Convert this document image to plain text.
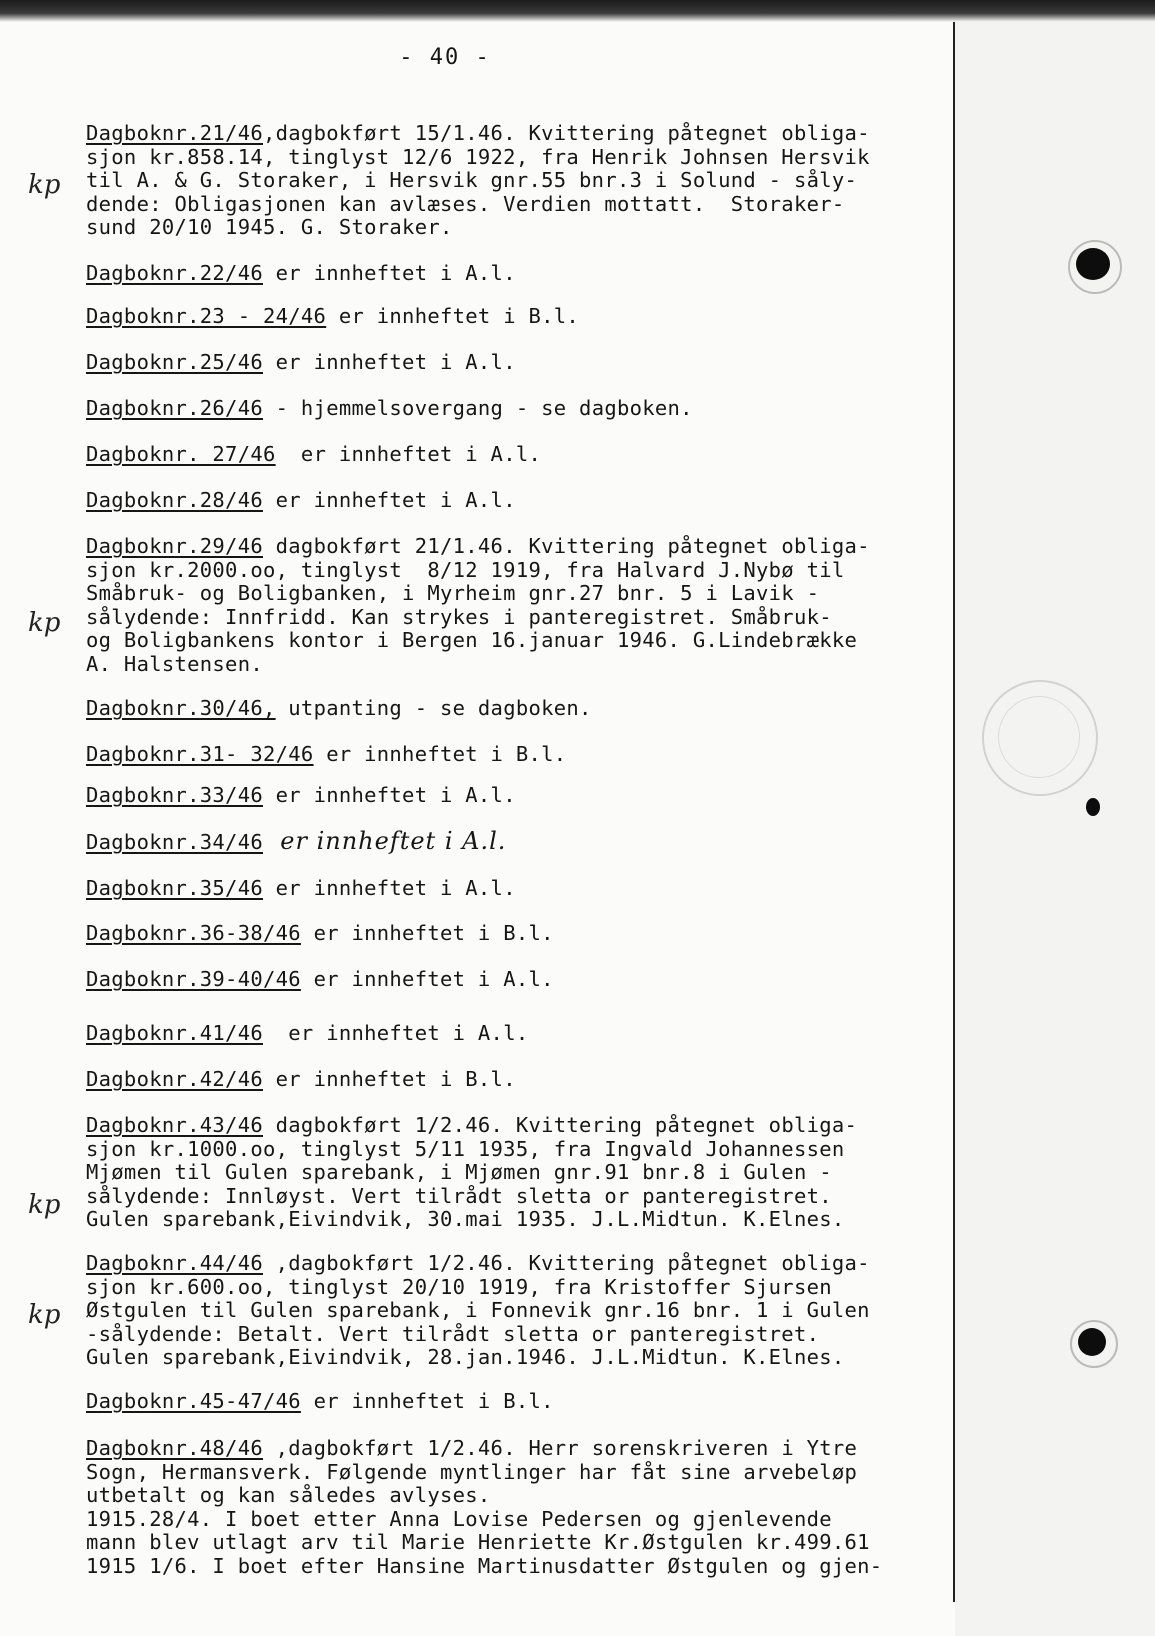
- 40 -
Dagboknr.21/46,dagbokført 15/1.46. Kvittering påtegnet obliga-
sjon kr.858.14, tinglyst 12/6 1922, fra Henrik Johnsen Hersvik
til A. & G. Storaker, i Hersvik gnr.55 bnr.3 i Solund - såly-
dende: Obligasjonen kan avlæses. Verdien mottatt.  Storaker-
sund 20/10 1945. G. Storaker.
Dagboknr.22/46 er innheftet i A.l.
Dagboknr.23 - 24/46 er innheftet i B.l.
Dagboknr.25/46 er innheftet i A.l.
Dagboknr.26/46 - hjemmelsovergang - se dagboken.
Dagboknr. 27/46  er innheftet i A.l.
Dagboknr.28/46 er innheftet i A.l.
Dagboknr.29/46 dagbokført 21/1.46. Kvittering påtegnet obliga-
sjon kr.2000.oo, tinglyst  8/12 1919, fra Halvard J.Nybø til
Småbruk- og Boligbanken, i Myrheim gnr.27 bnr. 5 i Lavik -
sålydende: Innfridd. Kan strykes i panteregistret. Småbruk-
og Boligbankens kontor i Bergen 16.januar 1946. G.Lindebrække
A. Halstensen.
Dagboknr.30/46, utpanting - se dagboken.
Dagboknr.31- 32/46 er innheftet i B.l.
Dagboknr.33/46 er innheftet i A.l.
Dagboknr.34/46  er innheftet i A.l.
Dagboknr.35/46 er innheftet i A.l.
Dagboknr.36-38/46 er innheftet i B.l.
Dagboknr.39-40/46 er innheftet i A.l.
Dagboknr.41/46  er innheftet i A.l.
Dagboknr.42/46 er innheftet i B.l.
Dagboknr.43/46 dagbokført 1/2.46. Kvittering påtegnet obliga-
sjon kr.1000.oo, tinglyst 5/11 1935, fra Ingvald Johannessen
Mjømen til Gulen sparebank, i Mjømen gnr.91 bnr.8 i Gulen -
sålydende: Innløyst. Vert tilrådt sletta or panteregistret.
Gulen sparebank,Eivindvik, 30.mai 1935. J.L.Midtun. K.Elnes.
Dagboknr.44/46 ,dagbokført 1/2.46. Kvittering påtegnet obliga-
sjon kr.600.oo, tinglyst 20/10 1919, fra Kristoffer Sjursen
Østgulen til Gulen sparebank, i Fonnevik gnr.16 bnr. 1 i Gulen
-sålydende: Betalt. Vert tilrådt sletta or panteregistret.
Gulen sparebank,Eivindvik, 28.jan.1946. J.L.Midtun. K.Elnes.
Dagboknr.45-47/46 er innheftet i B.l.
Dagboknr.48/46 ,dagbokført 1/2.46. Herr sorenskriveren i Ytre
Sogn, Hermansverk. Følgende myntlinger har fåt sine arvebeløp
utbetalt og kan således avlyses.
1915.28/4. I boet etter Anna Lovise Pedersen og gjenlevende
mann blev utlagt arv til Marie Henriette Kr.Østgulen kr.499.61
1915 1/6. I boet efter Hansine Martinusdatter Østgulen og gjen-
kp
kp
kp
kp
